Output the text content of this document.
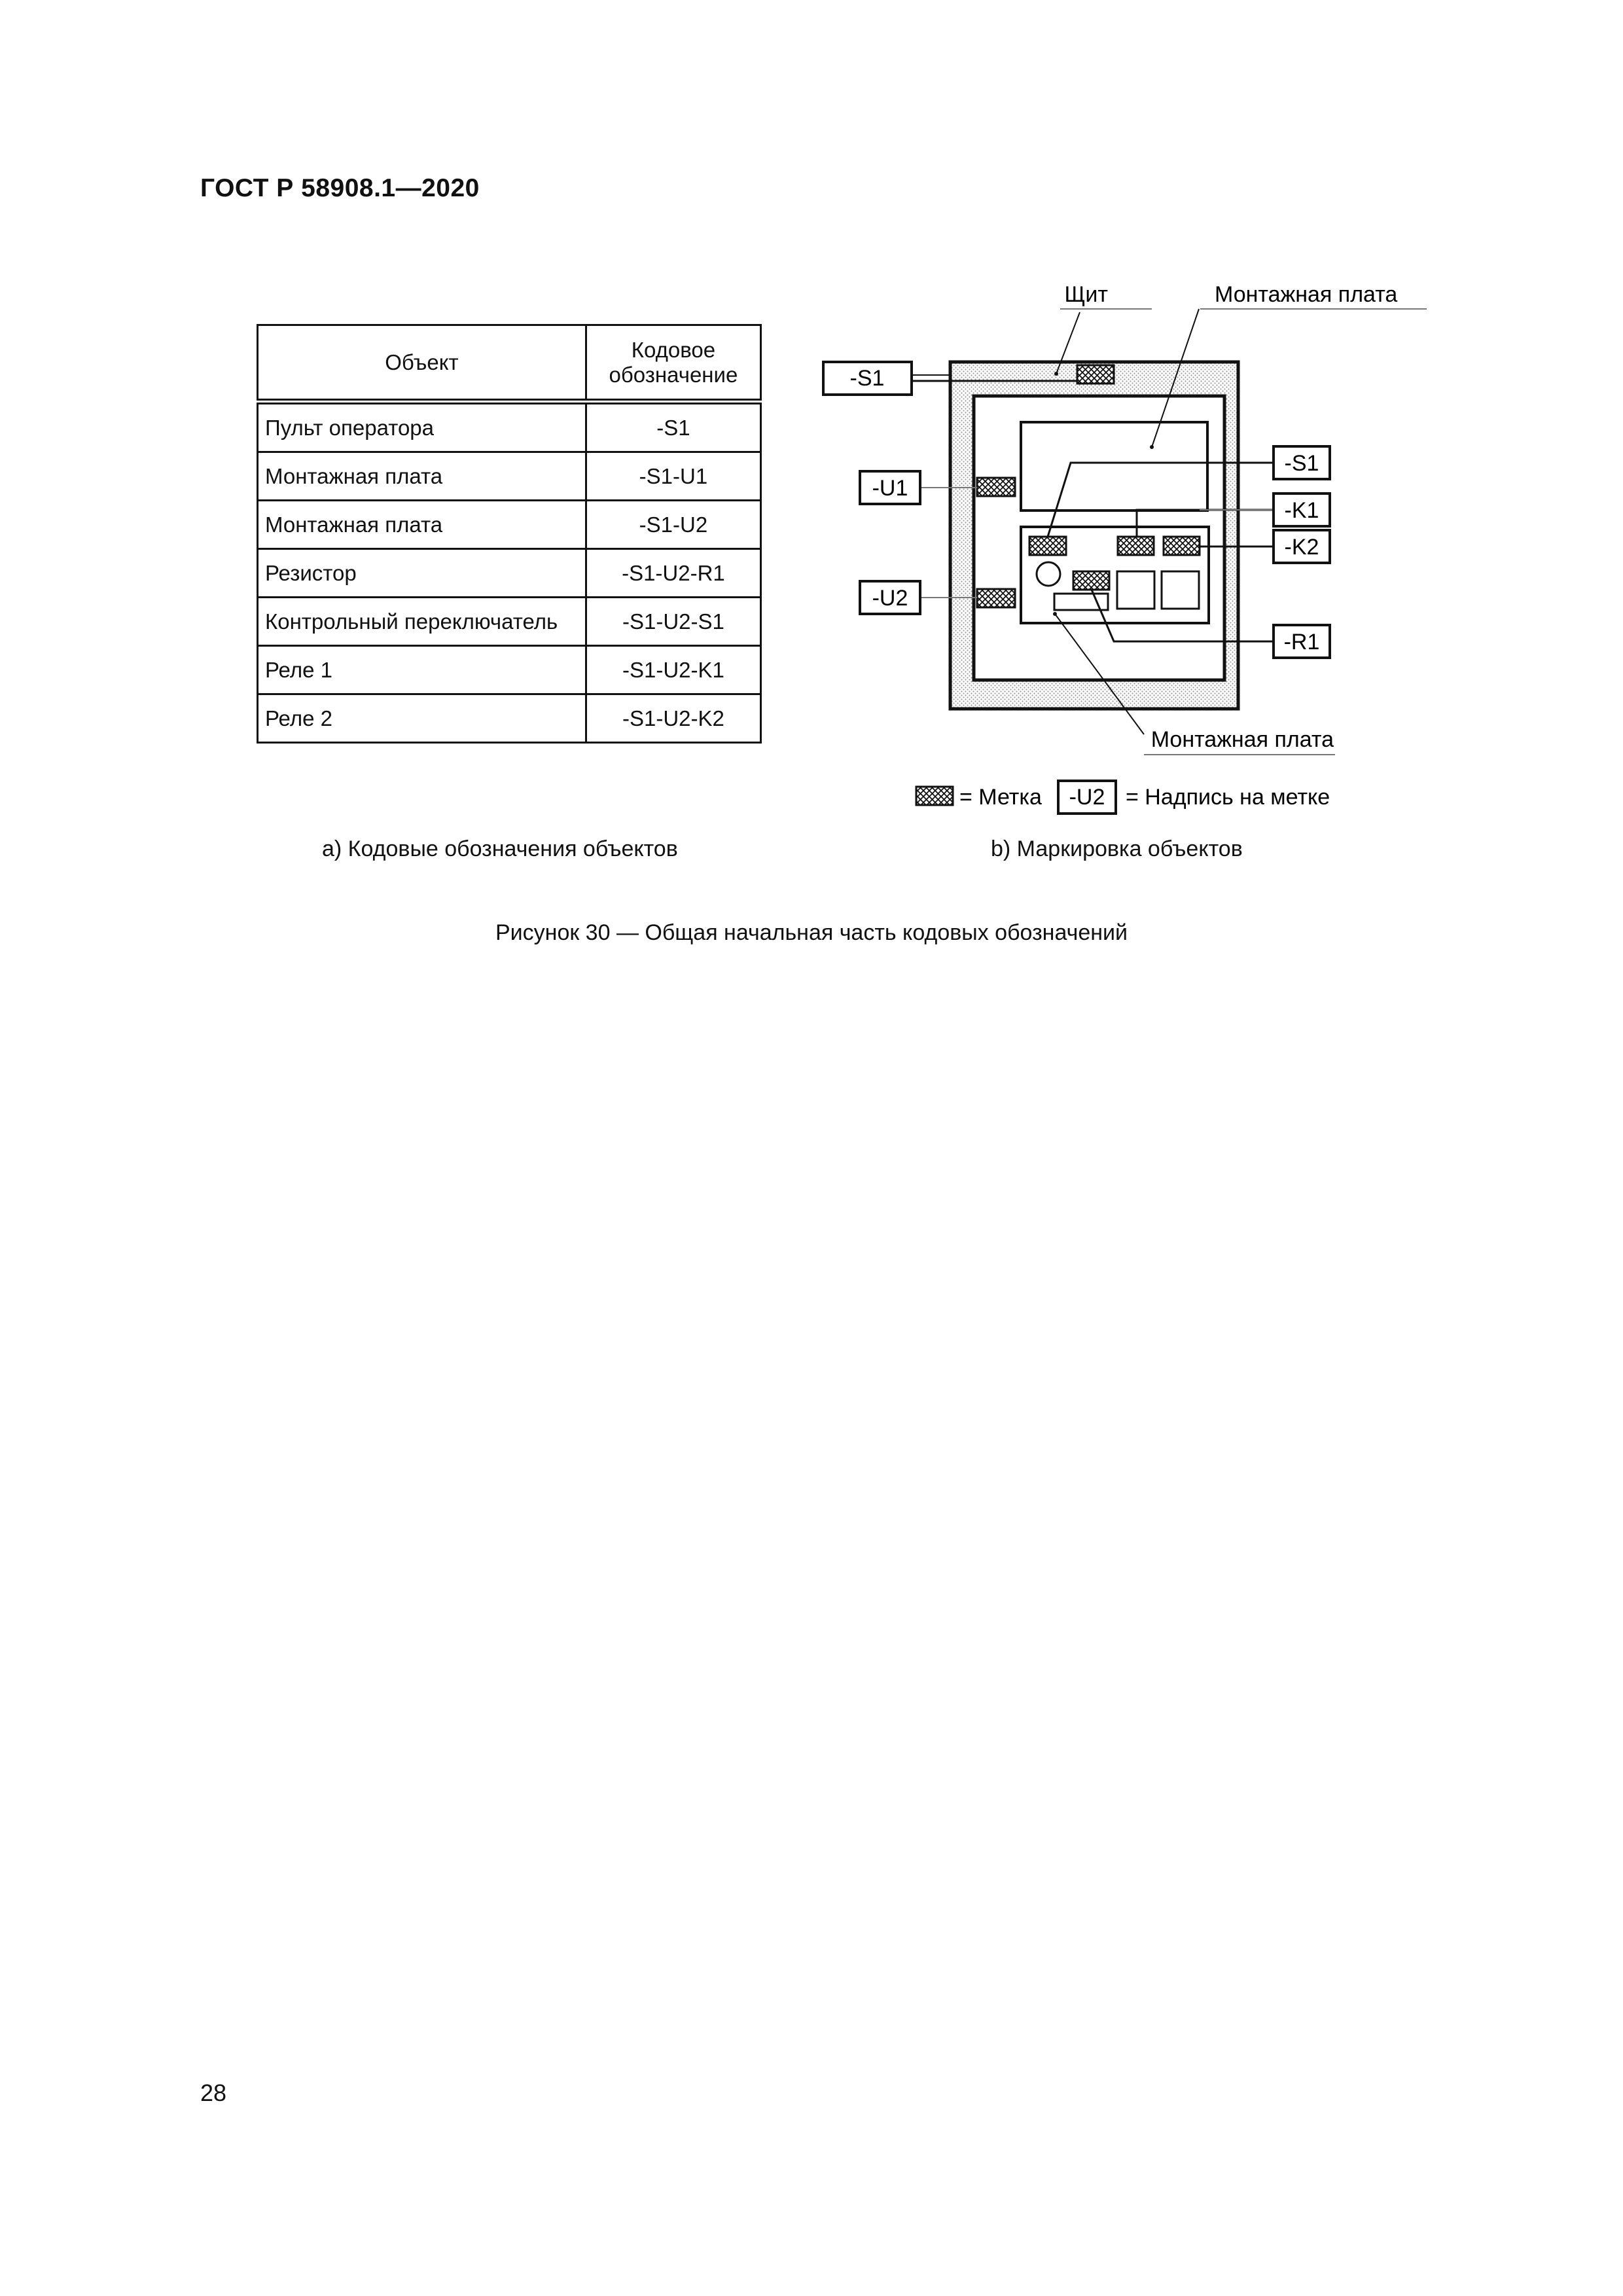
ГОСТ Р 58908.1—2020
Объект	Кодовое
обозначение
Пульт оператора	-S1
Монтажная плата	-S1-U1
Монтажная плата	-S1-U2
Резистор	-S1-U2-R1
Контрольный переключатель	-S1-U2-S1
Реле 1	-S1-U2-K1
Реле 2	-S1-U2-K2
Щит	Монтажная плата
-S1
-U1
-U2
-S1
-K1
-K2
-R1
Монтажная плата
= Метка -U2 = Надпись на метке
а) Кодовые обозначения объектов	b) Маркировка объектов
Рисунок 30 — Общая начальная часть кодовых обозначений
28
